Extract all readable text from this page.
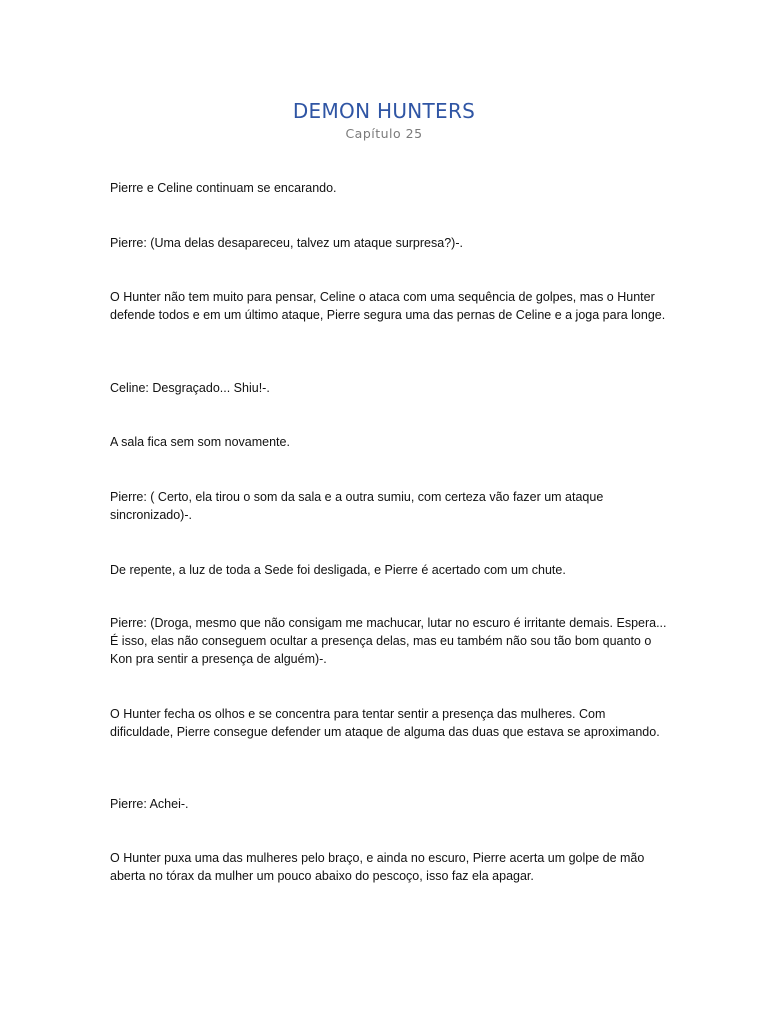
DEMON HUNTERS
Capítulo 25
Pierre e Celine continuam se encarando.
Pierre: (Uma delas desapareceu, talvez um ataque surpresa?)-.
O Hunter não tem muito para pensar, Celine o ataca com uma sequência de golpes, mas o Hunter defende todos e em um último ataque, Pierre segura uma das pernas de Celine e a joga para longe.
Celine: Desgraçado... Shiu!-.
A sala fica sem som novamente.
Pierre: ( Certo, ela tirou o som da sala e a outra sumiu, com certeza vão fazer um ataque sincronizado)-.
De repente, a luz de toda a Sede foi desligada, e Pierre é acertado com um chute.
Pierre: (Droga, mesmo que não consigam me machucar, lutar no escuro é irritante demais. Espera... É isso, elas não conseguem ocultar a presença delas, mas eu também não sou tão bom quanto o Kon pra sentir a presença de alguém)-.
O Hunter fecha os olhos e se concentra para tentar sentir a presença das mulheres. Com dificuldade, Pierre consegue defender um ataque de alguma das duas que estava se aproximando.
Pierre: Achei-.
O Hunter puxa uma das mulheres pelo braço, e ainda no escuro, Pierre acerta um golpe de mão aberta no tórax da mulher um pouco abaixo do pescoço, isso faz ela apagar.
